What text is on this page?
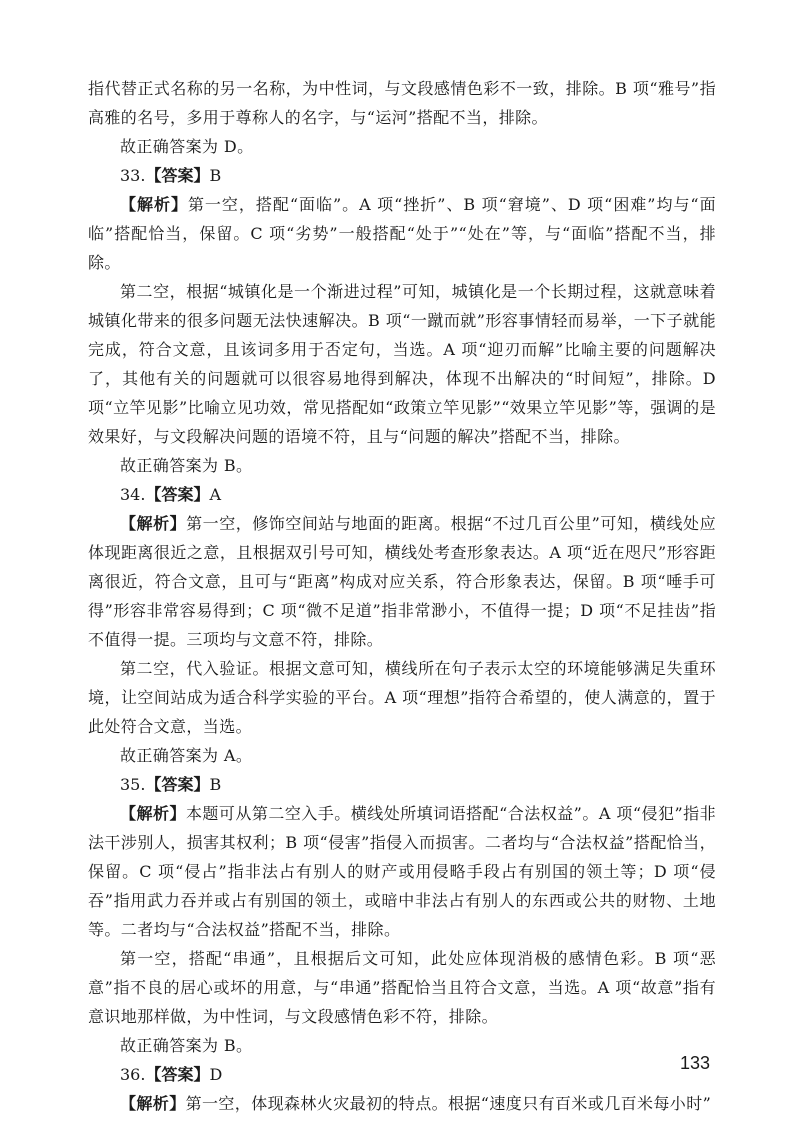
指代替正式名称的另一名称，为中性词，与文段感情色彩不一致，排除。B 项“雅号”指高雅的名号，多用于尊称人的名字，与“运河”搭配不当，排除。

故正确答案为 D。

33.【答案】B

【解析】第一空，搭配“面临”。A 项“挫折”、B 项“窘境”、D 项“困难”均与“面临”搭配恰当，保留。C 项“劣势”一般搭配“处于”“处在”等，与“面临”搭配不当，排除。

第二空，根据“城镇化是一个渐进过程”可知，城镇化是一个长期过程，这就意味着城镇化带来的很多问题无法快速解决。B 项“一蹴而就”形容事情轻而易举，一下子就能完成，符合文意，且该词多用于否定句，当选。A 项“迎刃而解”比喻主要的问题解决了，其他有关的问题就可以很容易地得到解决，体现不出解决的“时间短”，排除。D 项“立竿见影”比喻立见功效，常见搭配如“政策立竿见影”“效果立竿见影”等，强调的是效果好，与文段解决问题的语境不符，且与“问题的解决”搭配不当，排除。

故正确答案为 B。

34.【答案】A

【解析】第一空，修饰空间站与地面的距离。根据“不过几百公里”可知，横线处应体现距离很近之意，且根据双引号可知，横线处考查形象表达。A 项“近在咫尺”形容距离很近，符合文意，且可与“距离”构成对应关系，符合形象表达，保留。B 项“唾手可得”形容非常容易得到；C 项“微不足道”指非常渺小，不值得一提；D 项“不足挂齿”指不值得一提。三项均与文意不符，排除。

第二空，代入验证。根据文意可知，横线所在句子表示太空的环境能够满足失重环境，让空间站成为适合科学实验的平台。A 项“理想”指符合希望的，使人满意的，置于此处符合文意，当选。

故正确答案为 A。

35.【答案】B

【解析】本题可从第二空入手。横线处所填词语搭配“合法权益”。A 项“侵犯”指非法干涉别人，损害其权利；B 项“侵害”指侵入而损害。二者均与“合法权益”搭配恰当，保留。C 项“侵占”指非法占有别人的财产或用侵略手段占有别国的领土等；D 项“侵吞”指用武力吞并或占有别国的领土，或暗中非法占有别人的东西或公共的财物、土地等。二者均与“合法权益”搭配不当，排除。

第一空，搭配“串通”，且根据后文可知，此处应体现消极的感情色彩。B 项“恶意”指不良的居心或坏的用意，与“串通”搭配恰当且符合文意，当选。A 项“故意”指有意识地那样做，为中性词，与文段感情色彩不符，排除。

故正确答案为 B。

36.【答案】D

【解析】第一空，体现森林火灾最初的特点。根据“速度只有百米或几百米每小时”

133
